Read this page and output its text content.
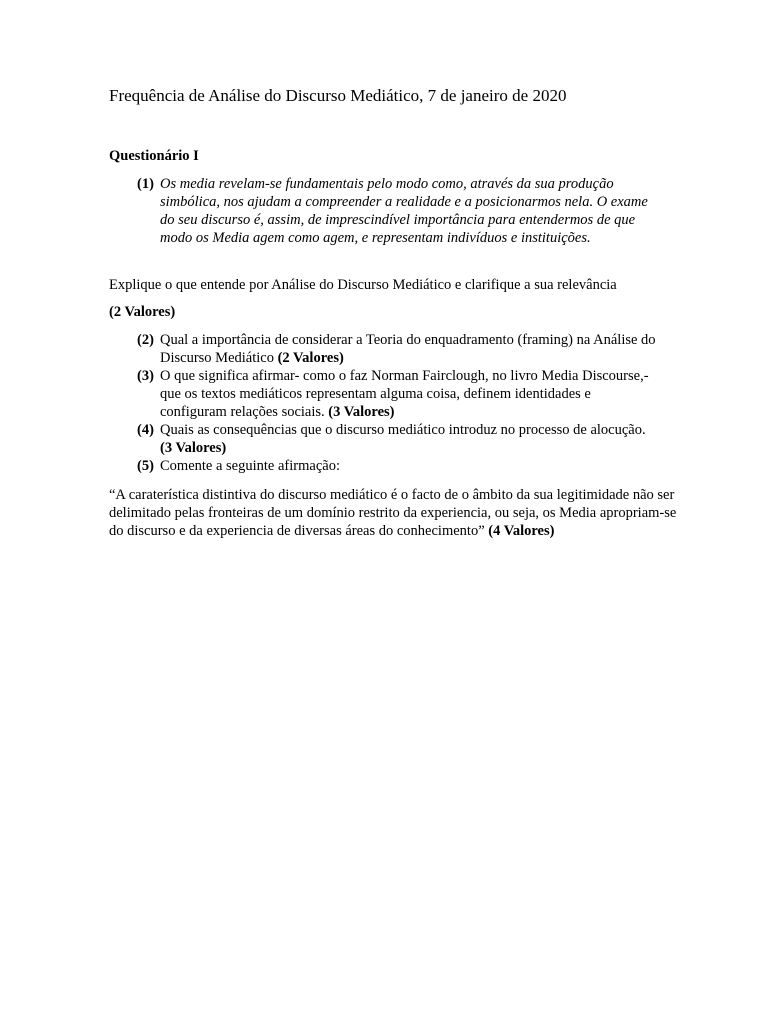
Frequência de Análise do Discurso Mediático, 7 de janeiro de 2020
Questionário I
(1) Os media revelam-se fundamentais pelo modo como, através da sua produção simbólica, nos ajudam a compreender a realidade e a posicionarmos nela. O exame do seu discurso é, assim, de imprescindível importância para entendermos de que modo os Media agem como agem, e representam indivíduos e instituições.

Explique o que entende por Análise do Discurso Mediático e clarifique a sua relevância

(2 Valores)

(2) Qual a importância de considerar a Teoria do enquadramento (framing) na Análise do Discurso Mediático (2 Valores)
(3) O que significa afirmar- como o faz Norman Fairclough, no livro Media Discourse,- que os textos mediáticos representam alguma coisa, definem identidades e configuram relações sociais. (3 Valores)
(4) Quais as consequências que o discurso mediático introduz no processo de alocução. (3 Valores)
(5) Comente a seguinte afirmação:

“A caraterística distintiva do discurso mediático é o facto de o âmbito da sua legitimidade não ser delimitado pelas fronteiras de um domínio restrito da experiencia, ou seja, os Media apropriam-se do discurso e da experiencia de diversas áreas do conhecimento” (4 Valores)
